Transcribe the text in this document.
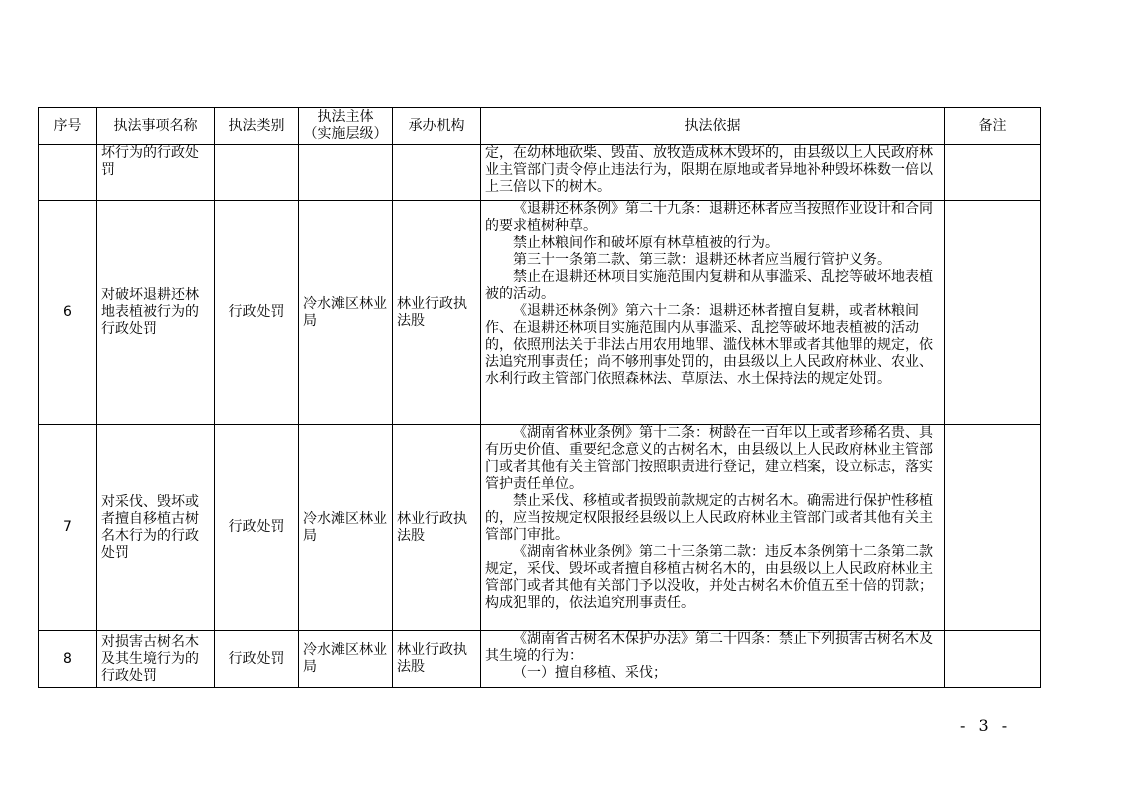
序号	执法事项名称	执法类别	执法主体
（实施层级）	承办机构	执法依据	备注
	坏行为的行政处罚				定，在幼林地砍柴、毁苗、放牧造成林木毁坏的，由县级以上人民政府林业主管部门责令停止违法行为，限期在原地或者异地补种毁坏株数一倍以上三倍以下的树木。	

6	对破坏退耕还林地表植被行为的行政处罚	行政处罚	冷水滩区林业局	林业行政执法股	《退耕还林条例》第二十九条：退耕还林者应当按照作业设计和合同的要求植树种草。

禁止林粮间作和破坏原有林草植被的行为。

第三十一条第二款、第三款：退耕还林者应当履行管护义务。

禁止在退耕还林项目实施范围内复耕和从事滥采、乱挖等破坏地表植被的活动。

《退耕还林条例》第六十二条：退耕还林者擅自复耕，或者林粮间作、在退耕还林项目实施范围内从事滥采、乱挖等破坏地表植被的活动的，依照刑法关于非法占用农用地罪、滥伐林木罪或者其他罪的规定，依法追究刑事责任；尚不够刑事处罚的，由县级以上人民政府林业、农业、水利行政主管部门依照森林法、草原法、水土保持法的规定处罚。	

7	对采伐、毁坏或者擅自移植古树名木行为的行政处罚	行政处罚	冷水滩区林业局	林业行政执法股	《湖南省林业条例》第十二条：树龄在一百年以上或者珍稀名贵、具有历史价值、重要纪念意义的古树名木，由县级以上人民政府林业主管部门或者其他有关主管部门按照职责进行登记，建立档案，设立标志，落实管护责任单位。

禁止采伐、移植或者损毁前款规定的古树名木。确需进行保护性移植的，应当按规定权限报经县级以上人民政府林业主管部门或者其他有关主管部门审批。

《湖南省林业条例》第二十三条第二款：违反本条例第十二条第二款规定，采伐、毁坏或者擅自移植古树名木的，由县级以上人民政府林业主管部门或者其他有关部门予以没收，并处古树名木价值五至十倍的罚款；构成犯罪的，依法追究刑事责任。	

8	对损害古树名木及其生境行为的行政处罚	行政处罚	冷水滩区林业局	林业行政执法股	《湖南省古树名木保护办法》第二十四条：禁止下列损害古树名木及其生境的行为：

（一）擅自移植、采伐；	

- 3 -
